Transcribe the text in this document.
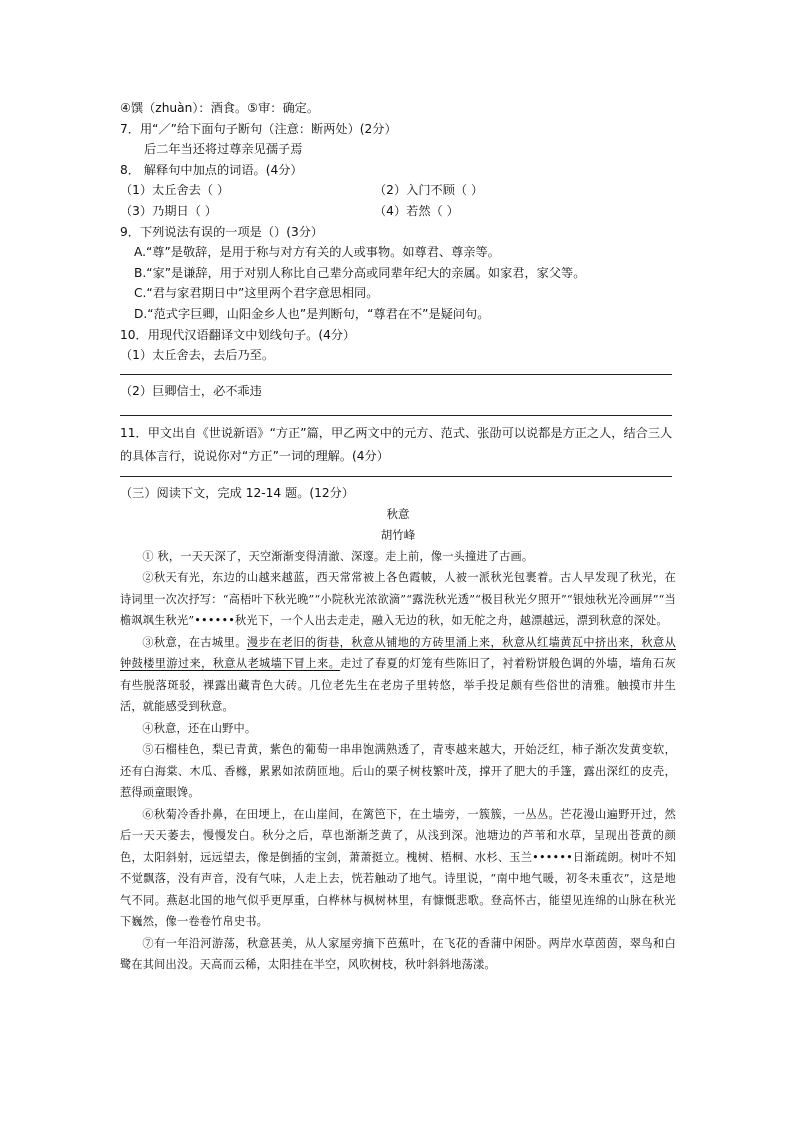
④馔（zhuàn）：酒食。⑤审：确定。
7．用“／”给下面句子断句（注意：断两处）(2分）
后二年当还将过尊亲见孺子焉
8． 解释句中加点的词语。(4分）
（1）太丘舍去（ ）	（2）入门不顾（ ）
（3）乃期日（ ）	（4）若然（ ）
9．下列说法有误的一项是（）(3分）
A.“尊”是敬辞，是用于称与对方有关的人或事物。如尊君、尊亲等。
B.“家”是谦辞，用于对别人称比自己辈分高或同辈年纪大的亲属。如家君，家父等。
C.“君与家君期日中”这里两个君字意思相同。
D.“范式字巨卿，山阳金乡人也”是判断句，“尊君在不”是疑问句。
10．用现代汉语翻译文中划线句子。(4分）
（1）太丘舍去，去后乃至。
（2）巨卿信士，必不乖违
11．甲文出自《世说新语》“方正”篇，甲乙两文中的元方、范式、张劭可以说都是方正之人，结合三人的具体言行，说说你对“方正”一词的理解。(4分）
（三）阅读下文，完成 12-14 题。(12分）
秋意
胡竹峰

① 秋，一天天深了，天空渐渐变得清澈、深邃。走上前，像一头撞进了古画。

②秋天有光，东边的山越来越蓝，西天常常被上各色霞帔，人被一派秋光包裹着。古人早发现了秋光，在诗词里一次次抒写：“高梧叶下秋光晚”“小院秋光浓欲滴”“露洗秋光透”“极目秋光夕照开”“银烛秋光冷画屏”“当檐飒飒生秋光”••••••秋光下，一个人出去走走，融入无边的秋，如无舵之舟，越漂越远，漂到秋意的深处。

③秋意，在古城里。漫步在老旧的街巷，秋意从铺地的方砖里涌上来，秋意从红墙黄瓦中挤出来，秋意从钟鼓楼里游过来，秋意从老城墙下冒上来。走过了春夏的灯笼有些陈旧了，衬着粉饼般色调的外墙，墙角石灰有些脱落斑驳，裸露出藏青色大砖。几位老先生在老房子里转悠，举手投足颇有些俗世的清雅。触摸市井生活，就能感受到秋意。

④秋意，还在山野中。

⑤石榴桂色，梨已青黄，紫色的葡萄一串串饱满熟透了，青枣越来越大，开始泛红，柿子渐次发黄变软，还有白海棠、木瓜、香橼，累累如浓荫匝地。后山的栗子树枝繁叶茂，撑开了肥大的手篷，露出深红的皮壳，惹得顽童眼馋。

⑥秋菊冷香扑鼻，在田埂上，在山崖间，在篱笆下，在土墙旁，一簇簇，一丛丛。芒花漫山遍野开过，然后一天天萎去，慢慢发白。秋分之后，草也渐渐芝黄了，从浅到深。池塘边的芦苇和水草，呈现出苍黄的颜色，太阳斜射，远远望去，像是倒插的宝剑，萧萧挺立。槐树、梧桐、水杉、玉兰••••••日渐疏朗。树叶不知不觉飘落，没有声音，没有气味，人走上去，恍若触动了地气。诗里说，“南中地气暖，初冬未重衣”，这是地气不同。燕赵北国的地气似乎更厚重，白桦林与枫树林里，有慷慨悲歌。登高怀古，能望见连绵的山脉在秋光下巍然，像一卷卷竹帛史书。

⑦有一年沿河游荡，秋意甚美，从人家屋旁摘下芭蕉叶，在飞花的香蒲中闲卧。两岸水草茵茵，翠鸟和白鹭在其间出没。天高而云稀，太阳挂在半空，风吹树枝，秋叶斜斜地荡漾。
